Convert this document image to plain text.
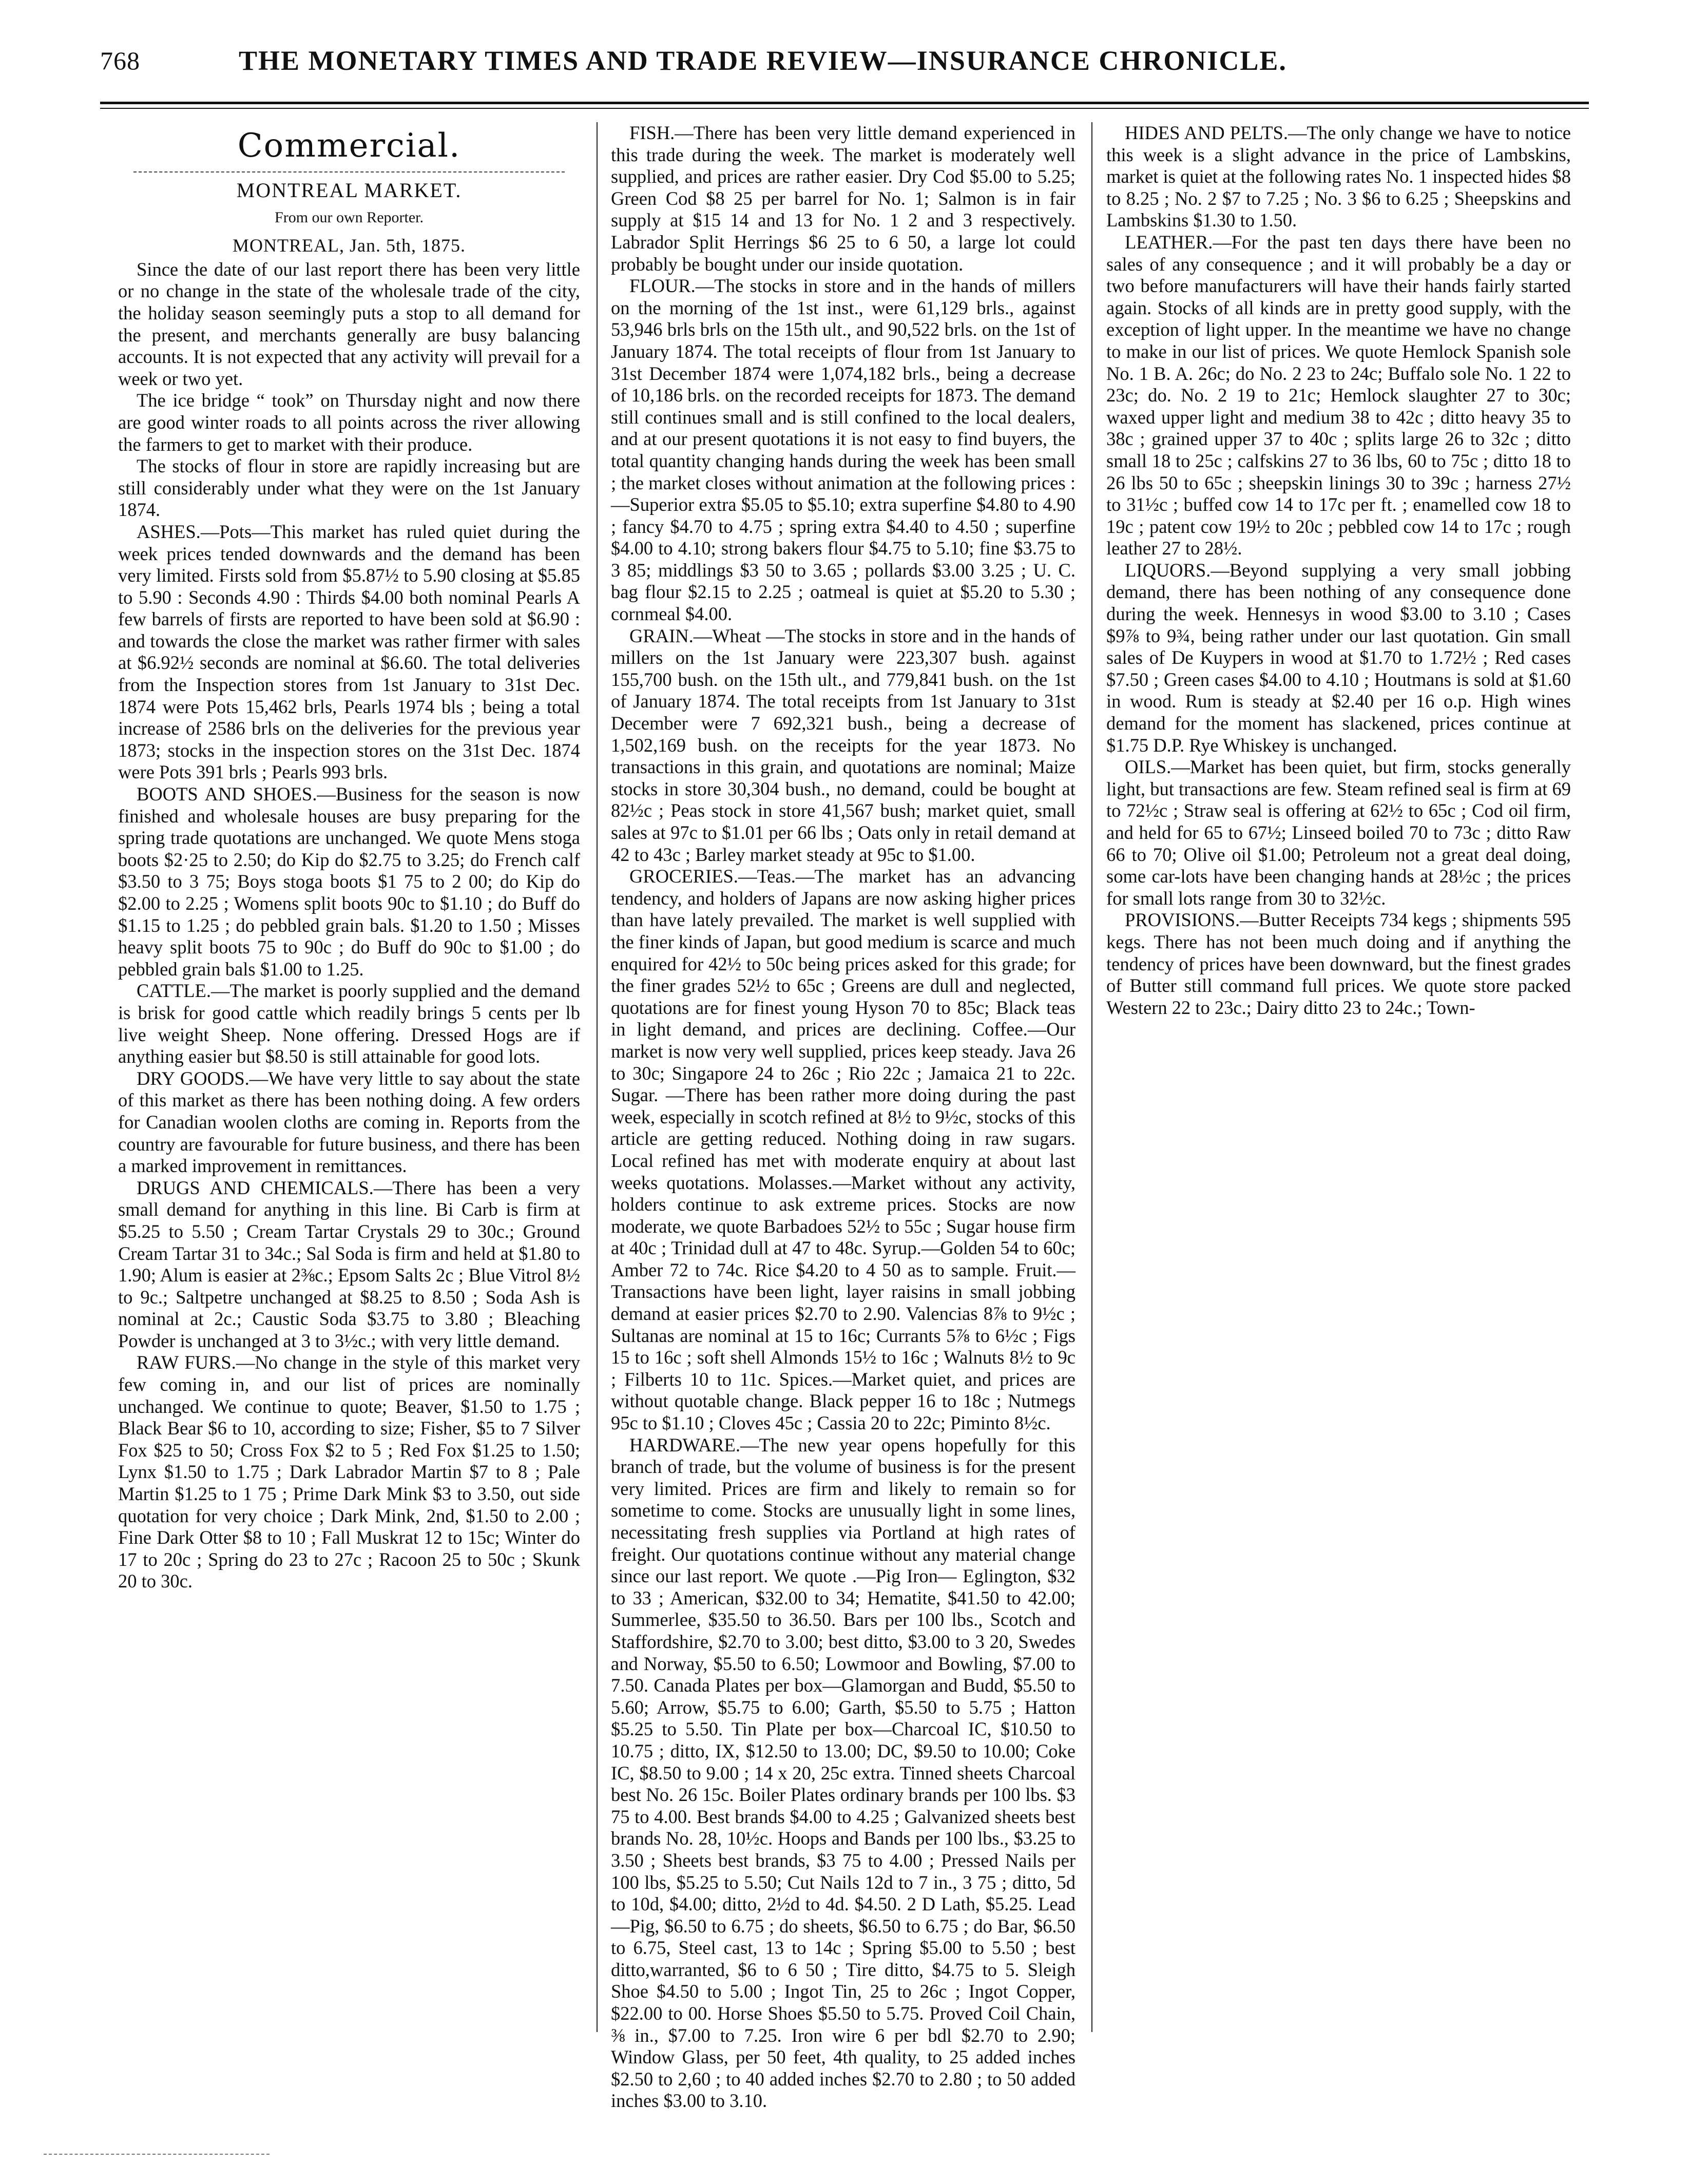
768	THE MONETARY TIMES AND TRADE REVIEW—INSURANCE CHRONICLE.
Commercial.
MONTREAL MARKET.
From our own Reporter.
MONTREAL, Jan. 5th, 1875.

Since the date of our last report there has been very little or no change in the state of the wholesale trade of the city, the holiday season seemingly puts a stop to all demand for the present, and merchants generally are busy balancing accounts. It is not expected that any activity will prevail for a week or two yet.

The ice bridge “ took” on Thursday night and now there are good winter roads to all points across the river allowing the farmers to get to market with their produce.

The stocks of flour in store are rapidly increasing but are still considerably under what they were on the 1st January 1874.

ASHES.—Pots—This market has ruled quiet during the week prices tended downwards and the demand has been very limited. Firsts sold from $5.87½ to 5.90 closing at $5.85 to 5.90 : Seconds 4.90 : Thirds $4.00 both nominal Pearls A few barrels of firsts are reported to have been sold at $6.90 : and towards the close the market was rather firmer with sales at $6.92½ seconds are nominal at $6.60. The total deliveries from the Inspection stores from 1st January to 31st Dec. 1874 were Pots 15,462 brls, Pearls 1974 bls ; being a total increase of 2586 brls on the deliveries for the previous year 1873; stocks in the inspection stores on the 31st Dec. 1874 were Pots 391 brls ; Pearls 993 brls.

BOOTS AND SHOES.—Business for the season is now finished and wholesale houses are busy preparing for the spring trade quotations are unchanged. We quote Mens stoga boots $2·25 to 2.50; do Kip do $2.75 to 3.25; do French calf $3.50 to 3 75; Boys stoga boots $1 75 to 2 00; do Kip do $2.00 to 2.25 ; Womens split boots 90c to $1.10 ; do Buff do $1.15 to 1.25 ; do pebbled grain bals. $1.20 to 1.50 ; Misses heavy split boots 75 to 90c ; do Buff do 90c to $1.00 ; do pebbled grain bals $1.00 to 1.25.

CATTLE.—The market is poorly supplied and the demand is brisk for good cattle which readily brings 5 cents per lb live weight Sheep. None offering. Dressed Hogs are if anything easier but $8.50 is still attainable for good lots.

DRY GOODS.—We have very little to say about the state of this market as there has been nothing doing. A few orders for Canadian woolen cloths are coming in. Reports from the country are favourable for future business, and there has been a marked improvement in remittances.

DRUGS AND CHEMICALS.—There has been a very small demand for anything in this line. Bi Carb is firm at $5.25 to 5.50 ; Cream Tartar Crystals 29 to 30c.; Ground Cream Tartar 31 to 34c.; Sal Soda is firm and held at $1.80 to 1.90; Alum is easier at 2⅜c.; Epsom Salts 2c ; Blue Vitrol 8½ to 9c.; Saltpetre unchanged at $8.25 to 8.50 ; Soda Ash is nominal at 2c.; Caustic Soda $3.75 to 3.80 ; Bleaching Powder is unchanged at 3 to 3½c.; with very little demand.

RAW FURS.—No change in the style of this market very few coming in, and our list of prices are nominally unchanged. We continue to quote; Beaver, $1.50 to 1.75 ; Black Bear $6 to 10, according to size; Fisher, $5 to 7 Silver Fox $25 to 50; Cross Fox $2 to 5 ; Red Fox $1.25 to 1.50; Lynx $1.50 to 1.75 ; Dark Labrador Martin $7 to 8 ; Pale Martin $1.25 to 1 75 ; Prime Dark Mink $3 to 3.50, out side quotation for very choice ; Dark Mink, 2nd, $1.50 to 2.00 ; Fine Dark Otter $8 to 10 ; Fall Muskrat 12 to 15c; Winter do 17 to 20c ; Spring do 23 to 27c ; Racoon 25 to 50c ; Skunk 20 to 30c.

FISH.—There has been very little demand experienced in this trade during the week. The market is moderately well supplied, and prices are rather easier. Dry Cod $5.00 to 5.25; Green Cod $8 25 per barrel for No. 1; Salmon is in fair supply at $15 14 and 13 for No. 1 2 and 3 respectively. Labrador Split Herrings $6 25 to 6 50, a large lot could probably be bought under our inside quotation.

FLOUR.—The stocks in store and in the hands of millers on the morning of the 1st inst., were 61,129 brls., against 53,946 brls brls on the 15th ult., and 90,522 brls. on the 1st of January 1874. The total receipts of flour from 1st January to 31st December 1874 were 1,074,182 brls., being a decrease of 10,186 brls. on the recorded receipts for 1873. The demand still continues small and is still confined to the local dealers, and at our present quotations it is not easy to find buyers, the total quantity changing hands during the week has been small ; the market closes without animation at the following prices :—Superior extra $5.05 to $5.10; extra superfine $4.80 to 4.90 ; fancy $4.70 to 4.75 ; spring extra $4.40 to 4.50 ; superfine $4.00 to 4.10; strong bakers flour $4.75 to 5.10; fine $3.75 to 3 85; middlings $3 50 to 3.65 ; pollards $3.00 3.25 ; U. C. bag flour $2.15 to 2.25 ; oatmeal is quiet at $5.20 to 5.30 ; cornmeal $4.00.

GRAIN.—Wheat —The stocks in store and in the hands of millers on the 1st January were 223,307 bush. against 155,700 bush. on the 15th ult., and 779,841 bush. on the 1st of January 1874. The total receipts from 1st January to 31st December were 7 692,321 bush., being a decrease of 1,502,169 bush. on the receipts for the year 1873. No transactions in this grain, and quotations are nominal; Maize stocks in store 30,304 bush., no demand, could be bought at 82½c ; Peas stock in store 41,567 bush; market quiet, small sales at 97c to $1.01 per 66 lbs ; Oats only in retail demand at 42 to 43c ; Barley market steady at 95c to $1.00.

GROCERIES.—Teas.—The market has an advancing tendency, and holders of Japans are now asking higher prices than have lately prevailed. The market is well supplied with the finer kinds of Japan, but good medium is scarce and much enquired for 42½ to 50c being prices asked for this grade; for the finer grades 52½ to 65c ; Greens are dull and neglected, quotations are for finest young Hyson 70 to 85c; Black teas in light demand, and prices are declining. Coffee.—Our market is now very well supplied, prices keep steady. Java 26 to 30c; Singapore 24 to 26c ; Rio 22c ; Jamaica 21 to 22c. Sugar. —There has been rather more doing during the past week, especially in scotch refined at 8½ to 9½c, stocks of this article are getting reduced. Nothing doing in raw sugars. Local refined has met with moderate enquiry at about last weeks quotations. Molasses.—Market without any activity, holders continue to ask extreme prices. Stocks are now moderate, we quote Barbadoes 52½ to 55c ; Sugar house firm at 40c ; Trinidad dull at 47 to 48c. Syrup.—Golden 54 to 60c; Amber 72 to 74c. Rice $4.20 to 4 50 as to sample. Fruit.—Transactions have been light, layer raisins in small jobbing demand at easier prices $2.70 to 2.90. Valencias 8⅞ to 9½c ; Sultanas are nominal at 15 to 16c; Currants 5⅞ to 6½c ; Figs 15 to 16c ; soft shell Almonds 15½ to 16c ; Walnuts 8½ to 9c ; Filberts 10 to 11c. Spices.—Market quiet, and prices are without quotable change. Black pepper 16 to 18c ; Nutmegs 95c to $1.10 ; Cloves 45c ; Cassia 20 to 22c; Piminto 8½c.

HARDWARE.—The new year opens hopefully for this branch of trade, but the volume of business is for the present very limited. Prices are firm and likely to remain so for sometime to come. Stocks are unusually light in some lines, necessitating fresh supplies via Portland at high rates of freight. Our quotations continue without any material change since our last report. We quote .—Pig Iron— Eglington, $32 to 33 ; American, $32.00 to 34; Hematite, $41.50 to 42.00; Summerlee, $35.50 to 36.50. Bars per 100 lbs., Scotch and Staffordshire, $2.70 to 3.00; best ditto, $3.00 to 3 20, Swedes and Norway, $5.50 to 6.50; Lowmoor and Bowling, $7.00 to 7.50. Canada Plates per box—Glamorgan and Budd, $5.50 to 5.60; Arrow, $5.75 to 6.00; Garth, $5.50 to 5.75 ; Hatton $5.25 to 5.50. Tin Plate per box—Charcoal IC, $10.50 to 10.75 ; ditto, IX, $12.50 to 13.00; DC, $9.50 to 10.00; Coke IC, $8.50 to 9.00 ; 14 x 20, 25c extra. Tinned sheets Charcoal best No. 26 15c. Boiler Plates ordinary brands per 100 lbs. $3 75 to 4.00. Best brands $4.00 to 4.25 ; Galvanized sheets best brands No. 28, 10½c. Hoops and Bands per 100 lbs., $3.25 to 3.50 ; Sheets best brands, $3 75 to 4.00 ; Pressed Nails per 100 lbs, $5.25 to 5.50; Cut Nails 12d to 7 in., 3 75 ; ditto, 5d to 10d, $4.00; ditto, 2½d to 4d. $4.50. 2 D Lath, $5.25. Lead—Pig, $6.50 to 6.75 ; do sheets, $6.50 to 6.75 ; do Bar, $6.50 to 6.75, Steel cast, 13 to 14c ; Spring $5.00 to 5.50 ; best ditto,warranted, $6 to 6 50 ; Tire ditto, $4.75 to 5. Sleigh Shoe $4.50 to 5.00 ; Ingot Tin, 25 to 26c ; Ingot Copper, $22.00 to 00. Horse Shoes $5.50 to 5.75. Proved Coil Chain, ⅜ in., $7.00 to 7.25. Iron wire 6 per bdl $2.70 to 2.90; Window Glass, per 50 feet, 4th quality, to 25 added inches $2.50 to 2,60 ; to 40 added inches $2.70 to 2.80 ; to 50 added inches $3.00 to 3.10.

HIDES AND PELTS.—The only change we have to notice this week is a slight advance in the price of Lambskins, market is quiet at the following rates No. 1 inspected hides $8 to 8.25 ; No. 2 $7 to 7.25 ; No. 3 $6 to 6.25 ; Sheepskins and Lambskins $1.30 to 1.50.

LEATHER.—For the past ten days there have been no sales of any consequence ; and it will probably be a day or two before manufacturers will have their hands fairly started again. Stocks of all kinds are in pretty good supply, with the exception of light upper. In the meantime we have no change to make in our list of prices. We quote Hemlock Spanish sole No. 1 B. A. 26c; do No. 2 23 to 24c; Buffalo sole No. 1 22 to 23c; do. No. 2 19 to 21c; Hemlock slaughter 27 to 30c; waxed upper light and medium 38 to 42c ; ditto heavy 35 to 38c ; grained upper 37 to 40c ; splits large 26 to 32c ; ditto small 18 to 25c ; calfskins 27 to 36 lbs, 60 to 75c ; ditto 18 to 26 lbs 50 to 65c ; sheepskin linings 30 to 39c ; harness 27½ to 31½c ; buffed cow 14 to 17c per ft. ; enamelled cow 18 to 19c ; patent cow 19½ to 20c ; pebbled cow 14 to 17c ; rough leather 27 to 28½.

LIQUORS.—Beyond supplying a very small jobbing demand, there has been nothing of any consequence done during the week. Hennesys in wood $3.00 to 3.10 ; Cases $9⅞ to 9¾, being rather under our last quotation. Gin small sales of De Kuypers in wood at $1.70 to 1.72½ ; Red cases $7.50 ; Green cases $4.00 to 4.10 ; Houtmans is sold at $1.60 in wood. Rum is steady at $2.40 per 16 o.p. High wines demand for the moment has slackened, prices continue at $1.75 D.P. Rye Whiskey is unchanged.

OILS.—Market has been quiet, but firm, stocks generally light, but transactions are few. Steam refined seal is firm at 69 to 72½c ; Straw seal is offering at 62½ to 65c ; Cod oil firm, and held for 65 to 67½; Linseed boiled 70 to 73c ; ditto Raw 66 to 70; Olive oil $1.00; Petroleum not a great deal doing, some car-lots have been changing hands at 28½c ; the prices for small lots range from 30 to 32½c.

PROVISIONS.—Butter Receipts 734 kegs ; shipments 595 kegs. There has not been much doing and if anything the tendency of prices have been downward, but the finest grades of Butter still command full prices. We quote store packed Western 22 to 23c.; Dairy ditto 23 to 24c.; Town-
